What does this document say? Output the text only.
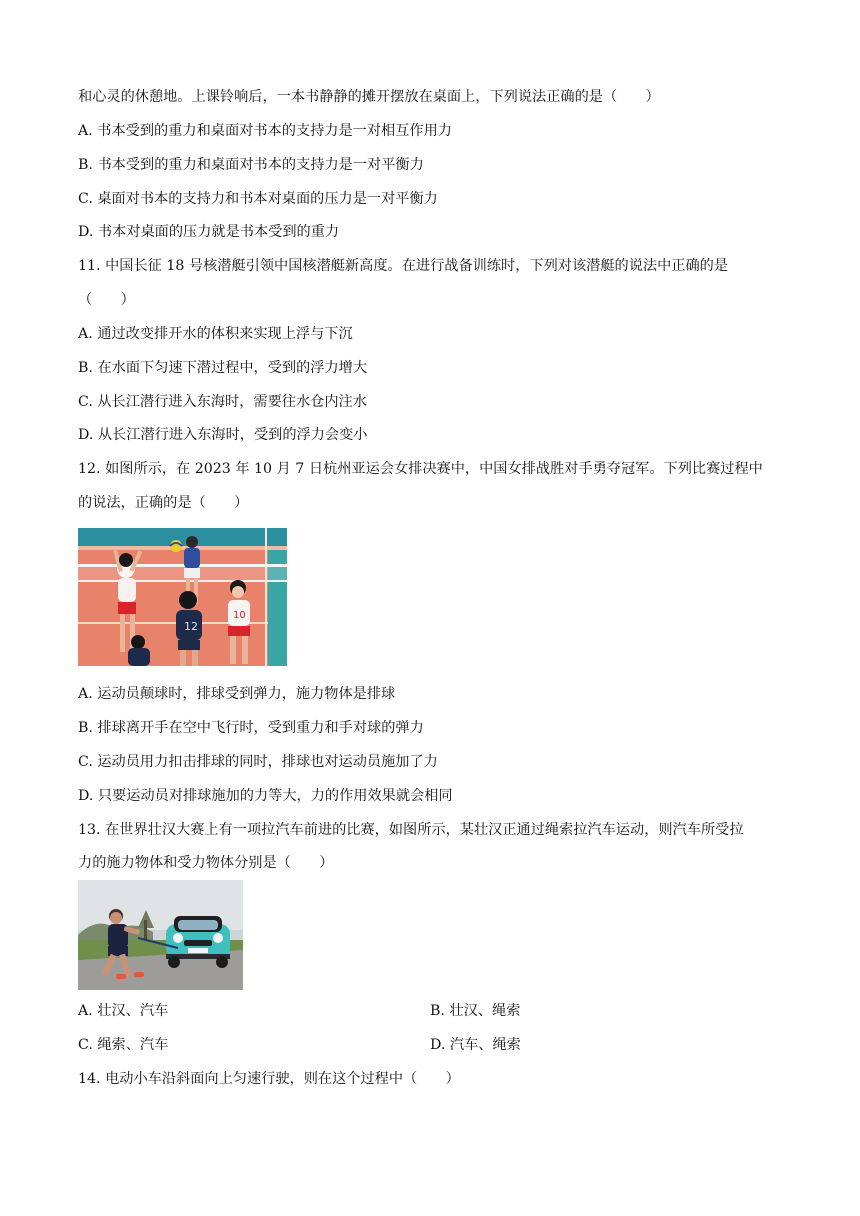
和心灵的休憩地。上课铃响后，一本书静静的摊开摆放在桌面上，下列说法正确的是（　　）
A. 书本受到的重力和桌面对书本的支持力是一对相互作用力
B. 书本受到的重力和桌面对书本的支持力是一对平衡力
C. 桌面对书本的支持力和书本对桌面的压力是一对平衡力
D. 书本对桌面的压力就是书本受到的重力
11. 中国长征 18 号核潜艇引领中国核潜艇新高度。在进行战备训练时，下列对该潜艇的说法中正确的是
（　　）
A. 通过改变排开水的体积来实现上浮与下沉
B. 在水面下匀速下潜过程中，受到的浮力增大
C. 从长江潜行进入东海时，需要往水仓内注水
D. 从长江潜行进入东海时，受到的浮力会变小
12. 如图所示，在 2023 年 10 月 7 日杭州亚运会女排决赛中，中国女排战胜对手勇夺冠军。下列比赛过程中
的说法，正确的是（　　）
12
10
A. 运动员颠球时，排球受到弹力，施力物体是排球
B. 排球离开手在空中飞行时，受到重力和手对球的弹力
C. 运动员用力扣击排球的同时，排球也对运动员施加了力
D. 只要运动员对排球施加的力等大，力的作用效果就会相同
13. 在世界壮汉大赛上有一项拉汽车前进的比赛，如图所示，某壮汉正通过绳索拉汽车运动，则汽车所受拉
力的施力物体和受力物体分别是（　　）
A. 壮汉、汽车	B. 壮汉、绳索
C. 绳索、汽车	D. 汽车、绳索
14. 电动小车沿斜面向上匀速行驶，则在这个过程中（　　）
